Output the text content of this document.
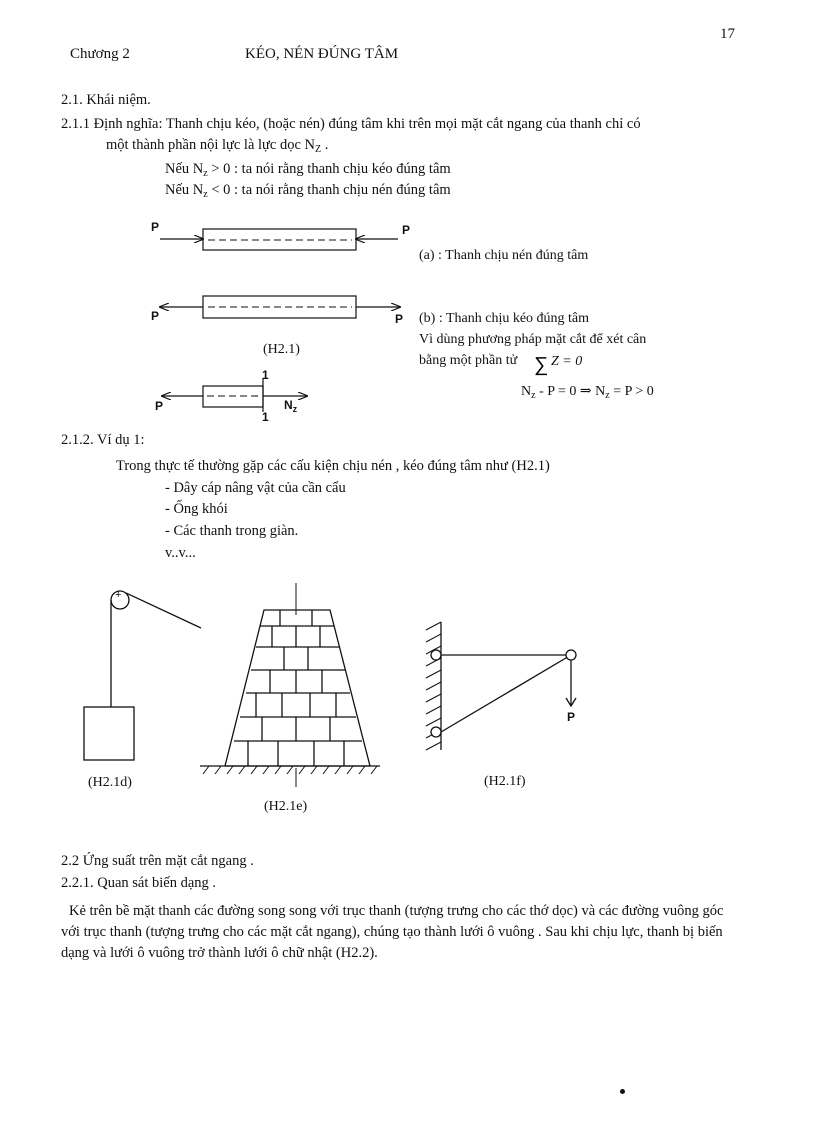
17
Chương 2	KÉO, NÉN ĐÚNG TÂM
2.1. Khái niệm.
2.1.1 Định nghĩa: Thanh chịu kéo, (hoặc nén) đúng tâm khi trên mọi mặt cắt ngang của thanh chỉ có
một thành phần nội lực là lực dọc $N_Z$ .
Nếu $N_z > 0$ : ta nói rằng thanh chịu kéo đúng tâm
Nếu $N_z < 0$ : ta nói rằng thanh chịu nén đúng tâm
∑
P	P
P	P
P
1
1
$N_z$
(a) : Thanh chịu nén đúng tâm
(b) : Thanh chịu kéo đúng tâm
Vì dùng phương pháp mặt cắt để xét cân
bằng một phần tử Z = 0
(H2.1)
$N_z - P = 0$ ⇒ $N_z = P > 0$
2.1.2. Ví dụ 1:
Trong thực tế thường gặp các cấu kiện chịu nén , kéo đúng tâm như (H2.1)
- Dây cáp nâng vật của cần cẩu
- Ống khói
- Các thanh trong giàn.
v..v...
+
P
(H2.1d)
(H2.1e)
(H2.1f)
2.2 Ứng suất trên mặt cắt ngang .
2.2.1. Quan sát biến dạng .
Kẻ trên bề mặt thanh các đường song song với trục thanh (tượng trưng cho các thớ dọc) và các đường vuông góc với trục thanh (tượng trưng cho các mặt cắt ngang), chúng tạo thành lưới ô vuông . Sau khi chịu lực, thanh bị biến dạng và lưới ô vuông trở thành lưới ô chữ nhật (H2.2).
